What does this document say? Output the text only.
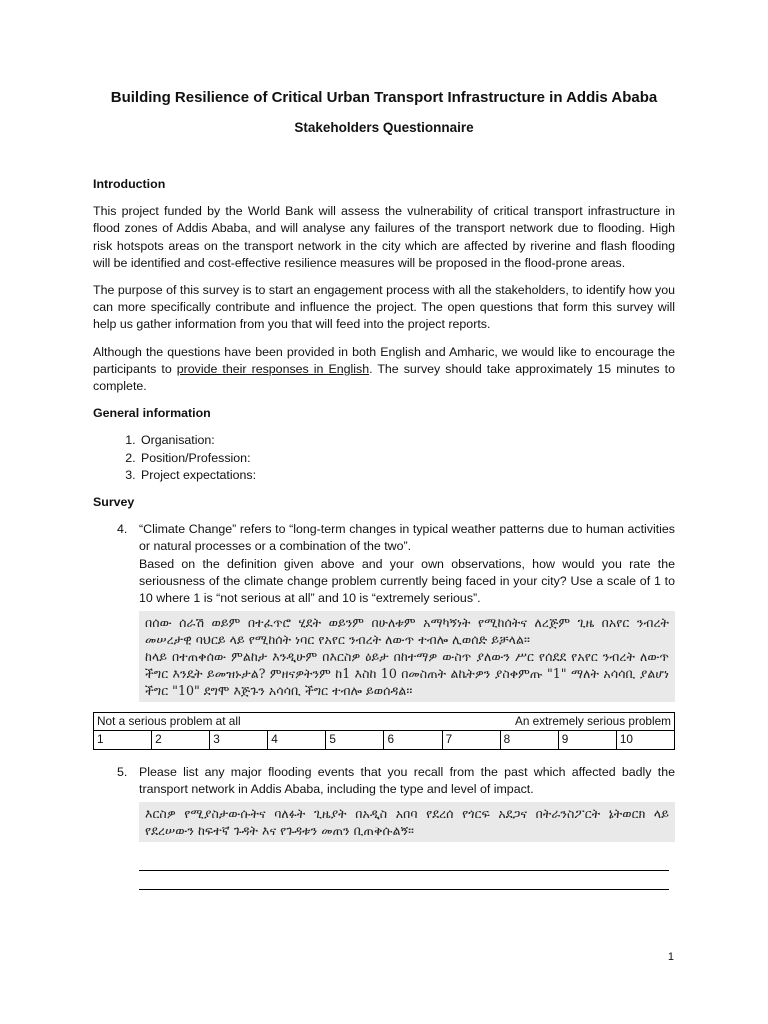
Building Resilience of Critical Urban Transport Infrastructure in Addis Ababa
Stakeholders Questionnaire
Introduction

This project funded by the World Bank will assess the vulnerability of critical transport infrastructure in flood zones of Addis Ababa, and will analyse any failures of the transport network due to flooding. High risk hotspots areas on the transport network in the city which are affected by riverine and flash flooding will be identified and cost-effective resilience measures will be proposed in the flood-prone areas.

The purpose of this survey is to start an engagement process with all the stakeholders, to identify how you can more specifically contribute and influence the project. The open questions that form this survey will help us gather information from you that will feed into the project reports.

Although the questions have been provided in both English and Amharic, we would like to encourage the participants to provide their responses in English. The survey should take approximately 15 minutes to complete.

General information
1. Organisation:
2. Position/Profession:
3. Project expectations:
Survey
4. “Climate Change” refers to “long-term changes in typical weather patterns due to human activities or natural processes or a combination of the two”.

Based on the definition given above and your own observations, how would you rate the seriousness of the climate change problem currently being faced in your city? Use a scale of 1 to 10 where 1 is “not serious at all” and 10 is “extremely serious”.

በሰው ሰራሽ ወይም በተፈጥሮ ሂደት ወይንም በሁለቱም አማካኝነት የሚከሰትና ለረጅም ጊዜ በአየር ንብረት መሠረታዊ ባህርይ ላይ የሚከሰት ነባር የአየር ንብረት ለውጥ ተብሎ ሊወሰድ ይቻላል፡፡

ከላይ በተጠቀሰው ምልከታ እንዲሁም በእርስዎ ዕይታ በከተማዎ ውስጥ ያለውን ሥር የሰደደ የአየር ንብረት ለውጥ ችግር እንዴት ይመዝኑታል? ምዘናዎትንም ከ1 እስከ 10 በመስጠት ልኬትዎን ያስቀምጡ "1" ማለት አሳሳቢ ያልሆነ ችግር "10" ደግሞ እጅጉን አሳሳቢ ችግር ተብሎ ይወሰዳል፡፡

Not a serious problem at all	An extremely serious problem

1	2	3	4	5	6	7	8	9	10
5. Please list any major flooding events that you recall from the past which affected badly the transport network in Addis Ababa, including the type and level of impact.

እርስዎ የሚያስታውሱትና ባለፉት ጊዜያት በአዲስ አበባ የደረሰ የጎርፍ አደጋና በትራንስፖርት ኔትወርክ ላይ የደረሠውን ከፍተኛ ጉዳት እና የጉዳቱን መጠን ቢጠቅሱልኝ፡፡

1
